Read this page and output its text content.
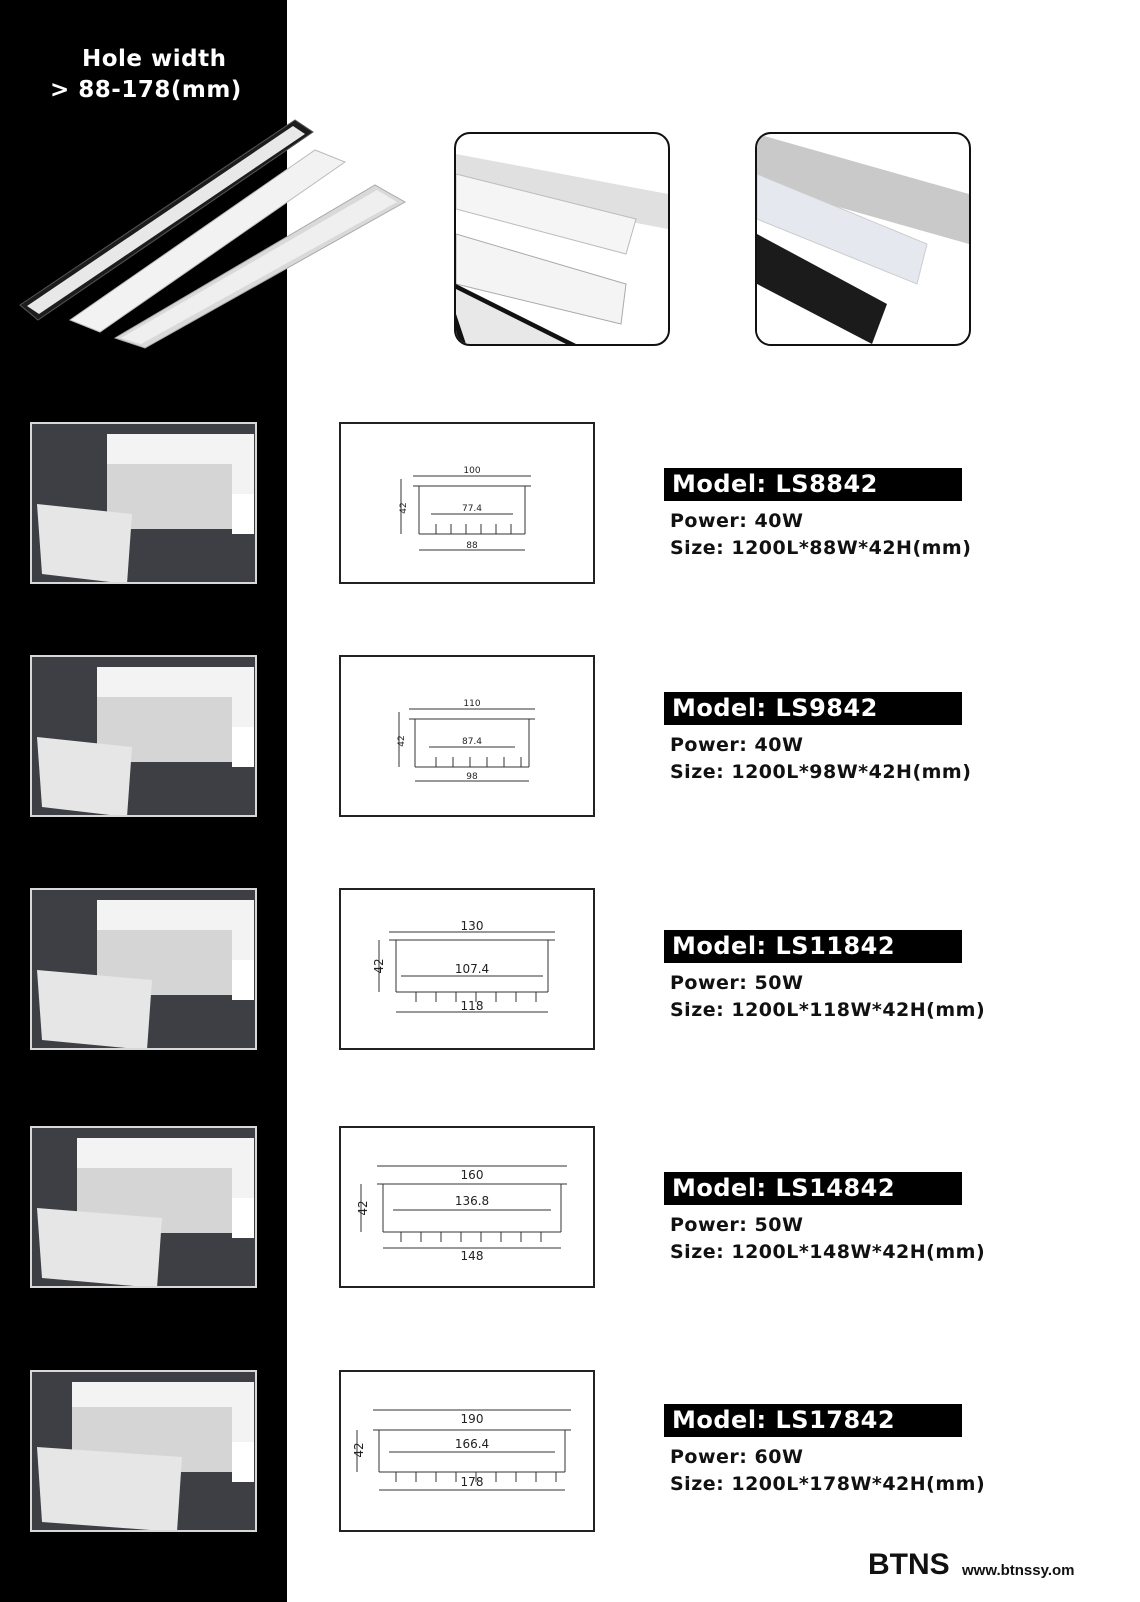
Hole width
> 88-178(mm)
100
77.4
88
42
Model: LS8842
Power: 40W
Size: 1200L*88W*42H(mm)
110
87.4
98
42
Model: LS9842
Power: 40W
Size: 1200L*98W*42H(mm)
130
107.4
118
42
Model: LS11842
Power: 50W
Size: 1200L*118W*42H(mm)
160
136.8
148
42
Model: LS14842
Power: 50W
Size: 1200L*148W*42H(mm)
190
166.4
178
42
Model: LS17842
Power: 60W
Size: 1200L*178W*42H(mm)
BTNS www.btnssy.om
